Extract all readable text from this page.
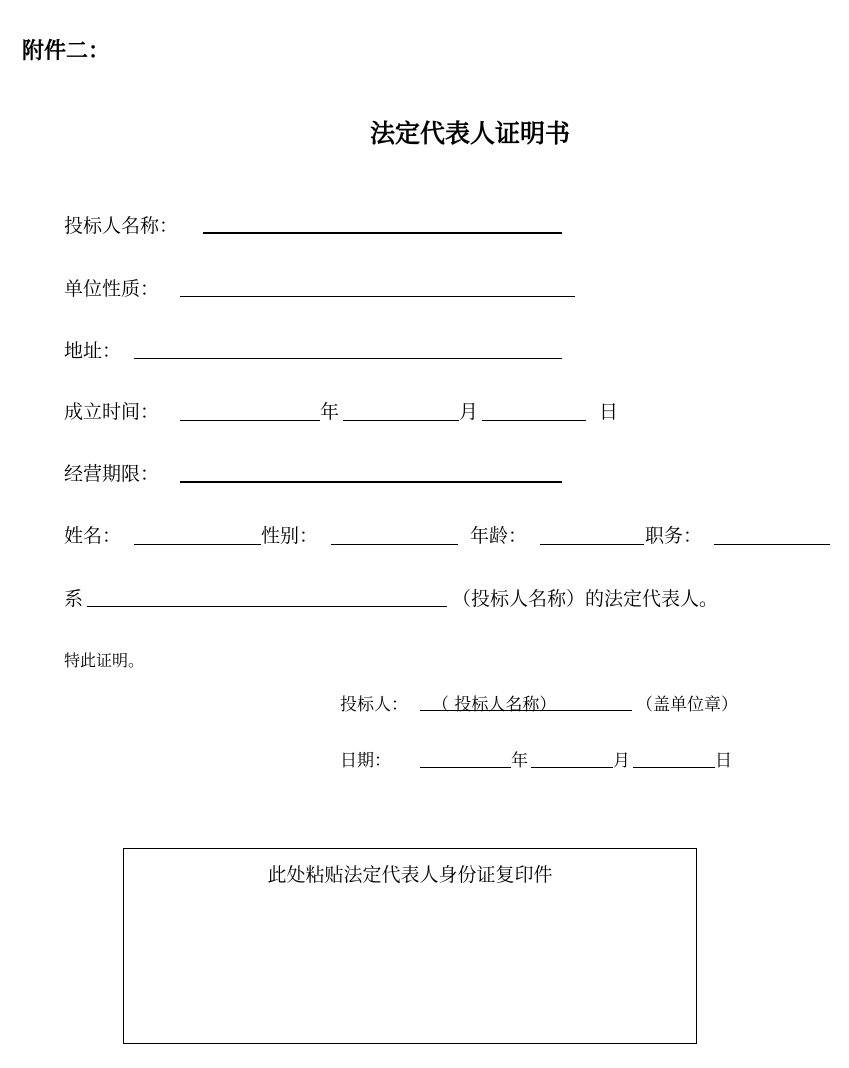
附件二：
法定代表人证明书
投标人名称：
单位性质：
地址：
成立时间：	年	月	日
经营期限：
姓名：	性别：	年龄：	职务：
系	（投标人名称）的法定代表人。
特此证明。
投标人： （ 投标人名称）	（盖单位章）
日期：	年	月	日
此处粘贴法定代表人身份证复印件
